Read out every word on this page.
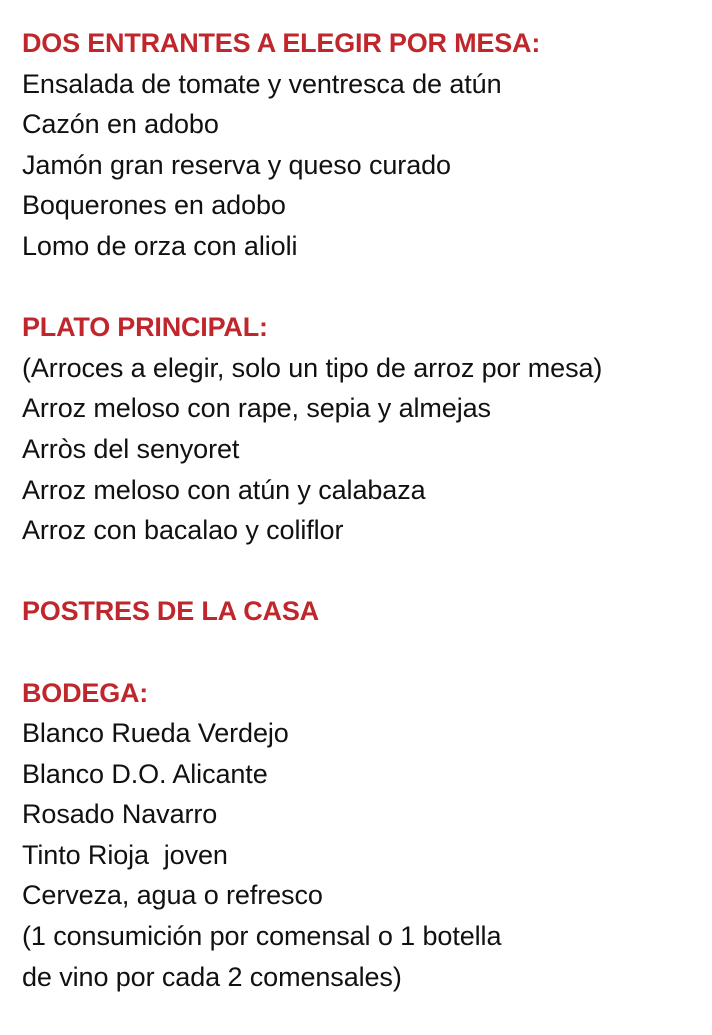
DOS ENTRANTES A ELEGIR POR MESA:
Ensalada de tomate y ventresca de atún
Cazón en adobo
Jamón gran reserva y queso curado
Boquerones en adobo
Lomo de orza con alioli
PLATO PRINCIPAL:
(Arroces a elegir, solo un tipo de arroz por mesa)
Arroz meloso con rape, sepia y almejas
Arròs del senyoret
Arroz meloso con atún y calabaza
Arroz con bacalao y coliflor
POSTRES DE LA CASA
BODEGA:
Blanco Rueda Verdejo
Blanco D.O. Alicante
Rosado Navarro
Tinto Rioja  joven
Cerveza, agua o refresco
(1 consumición por comensal o 1 botella
de vino por cada 2 comensales)
